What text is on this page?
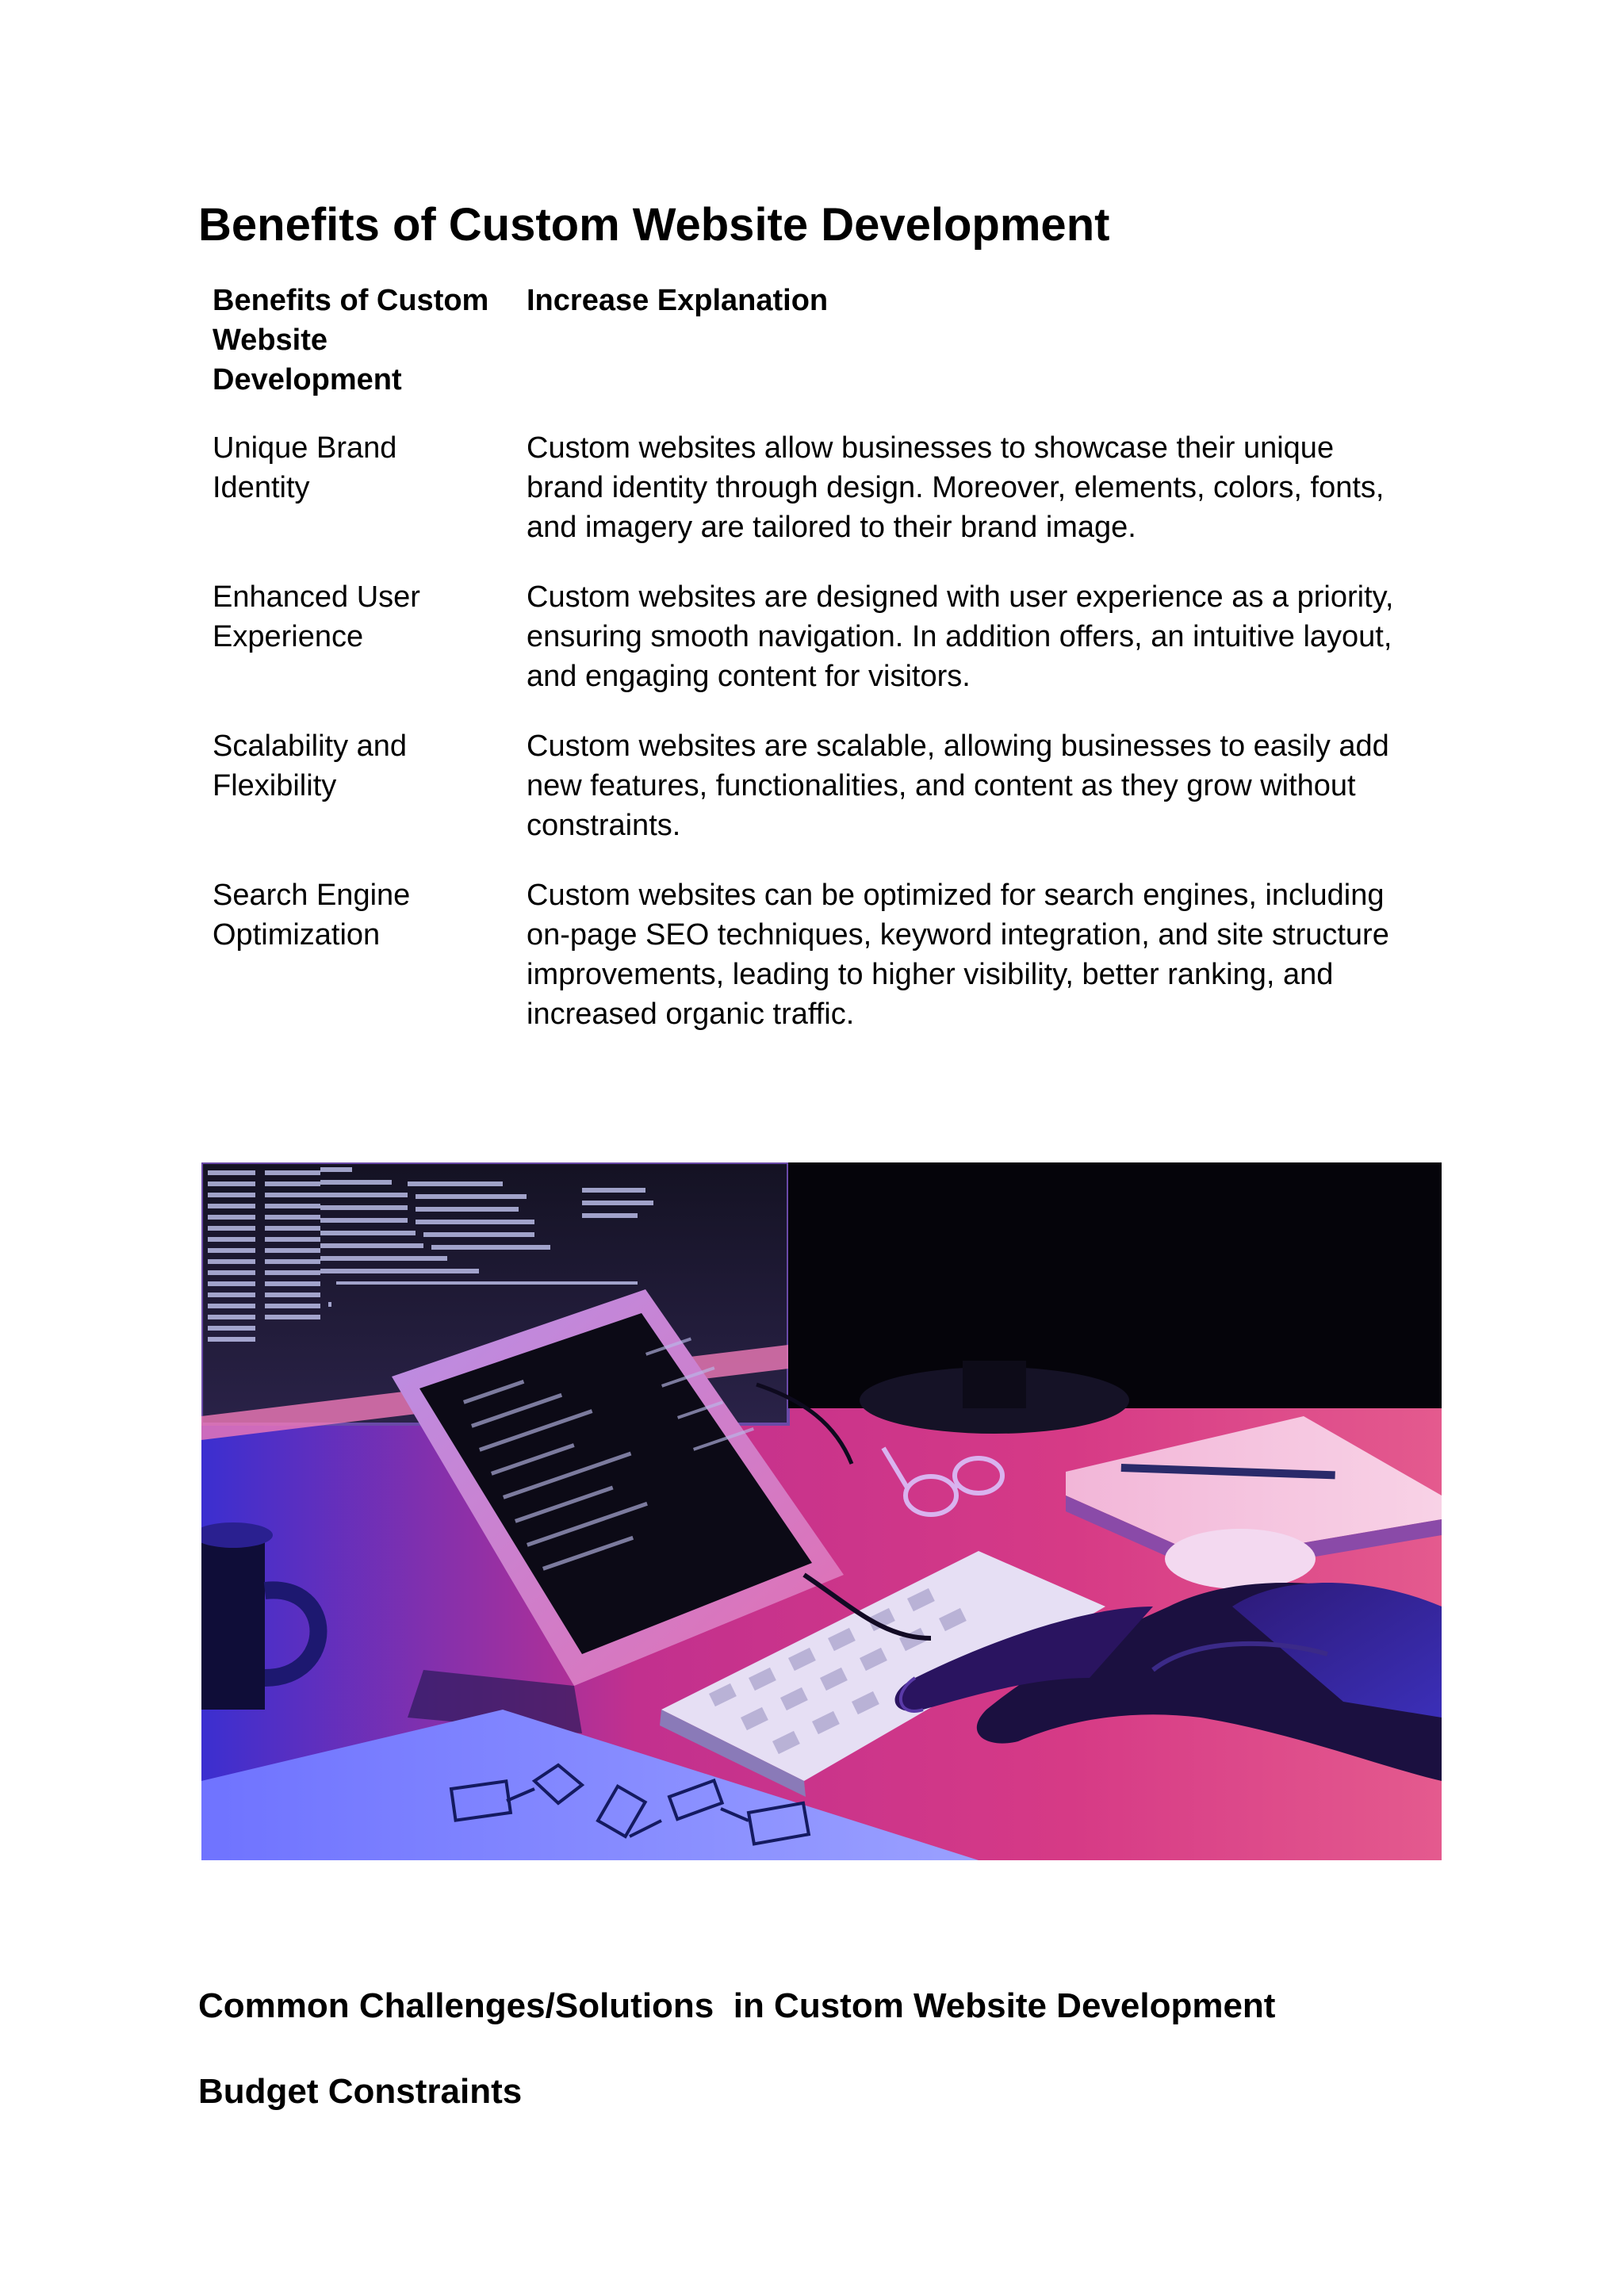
Benefits of Custom Website Development
Benefits of Custom Website Development	Increase Explanation
Unique Brand Identity	Custom websites allow businesses to showcase their unique brand identity through design. Moreover, elements, colors, fonts, and imagery are tailored to their brand image.
Enhanced User Experience	Custom websites are designed with user experience as a priority, ensuring smooth navigation. In addition offers, an intuitive layout, and engaging content for visitors.
Scalability and Flexibility	Custom websites are scalable, allowing businesses to easily add new features, functionalities, and content as they grow without constraints.
Search Engine Optimization	Custom websites can be optimized for search engines, including on-page SEO techniques, keyword integration, and site structure improvements, leading to higher visibility, better ranking, and increased organic traffic.
Common Challenges/Solutions  in Custom Website Development
Budget Constraints
